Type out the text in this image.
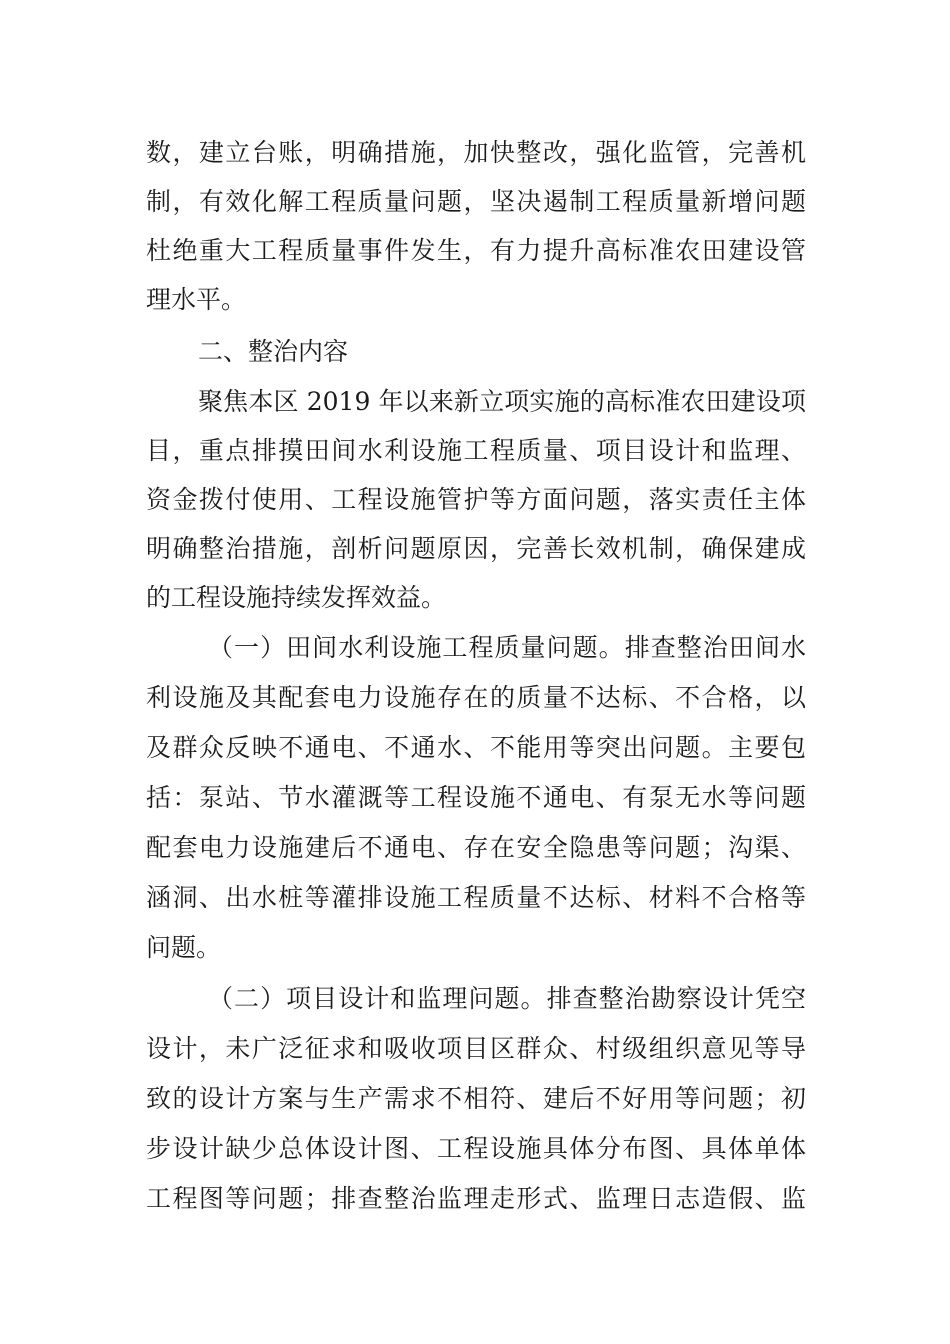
数，建立台账，明确措施，加快整改，强化监管，完善机
制，有效化解工程质量问题，坚决遏制工程质量新增问题
杜绝重大工程质量事件发生，有力提升高标准农田建设管
理水平。
二、整治内容
聚焦本区 2019 年以来新立项实施的高标准农田建设项
目，重点排摸田间水利设施工程质量、项目设计和监理、
资金拨付使用、工程设施管护等方面问题，落实责任主体
明确整治措施，剖析问题原因，完善长效机制，确保建成
的工程设施持续发挥效益。
（一）田间水利设施工程质量问题。排查整治田间水
利设施及其配套电力设施存在的质量不达标、不合格，以
及群众反映不通电、不通水、不能用等突出问题。主要包
括：泵站、节水灌溉等工程设施不通电、有泵无水等问题
配套电力设施建后不通电、存在安全隐患等问题；沟渠、
涵洞、出水桩等灌排设施工程质量不达标、材料不合格等
问题。
（二）项目设计和监理问题。排查整治勘察设计凭空
设计，未广泛征求和吸收项目区群众、村级组织意见等导
致的设计方案与生产需求不相符、建后不好用等问题；初
步设计缺少总体设计图、工程设施具体分布图、具体单体
工程图等问题；排查整治监理走形式、监理日志造假、监
